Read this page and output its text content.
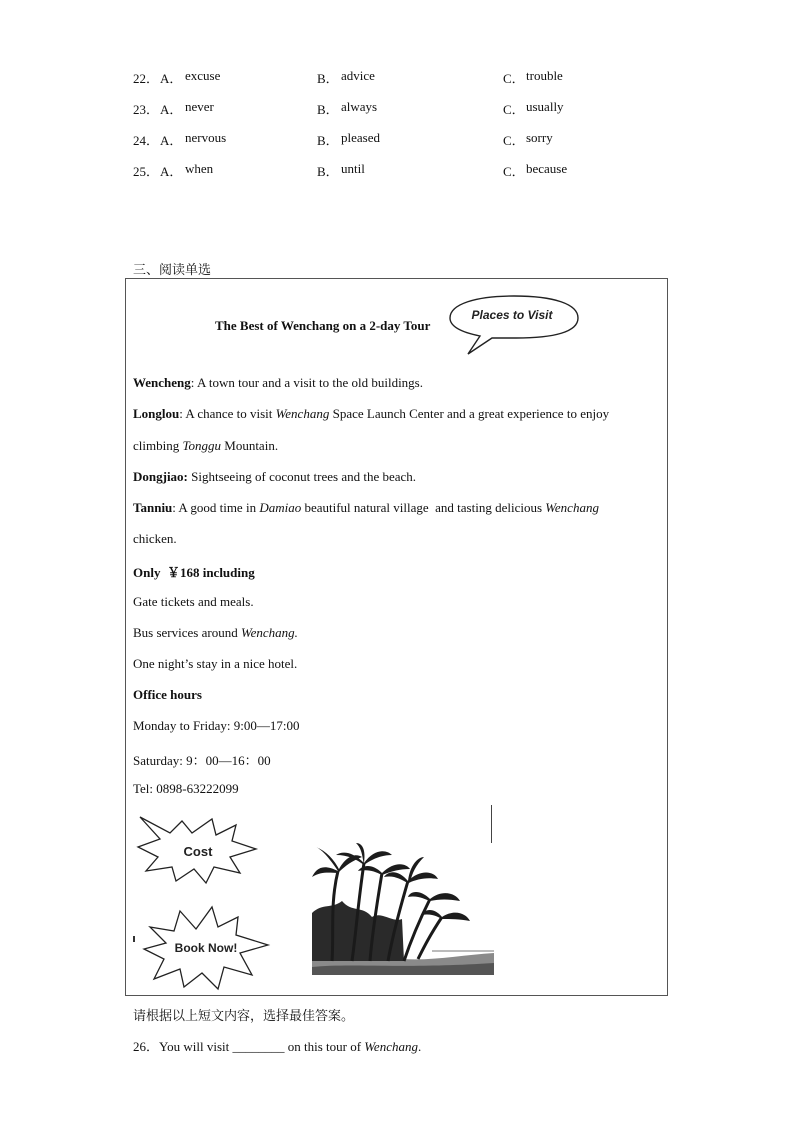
22． A． excuse	B． advice	C． trouble
23． A． never	B． always	C． usually
24． A． nervous	B． pleased	C． sorry
25． A． when	B． until	C． because
三、阅读单选
The Best of Wenchang on a 2-day Tour
Places to Visit
Wencheng: A town tour and a visit to the old buildings.
Longlou: A chance to visit Wenchang Space Launch Center and a great experience to enjoy
climbing Tonggu Mountain.
Dongjiao: Sightseeing of coconut trees and the beach.
Tanniu: A good time in Damiao beautiful natural village  and tasting delicious Wenchang
chicken.
Only  ￥168 including
Gate tickets and meals.
Bus services around Wenchang.
One night’s stay in a nice hotel.
Office hours
Monday to Friday: 9:00—17:00
Saturday: 9：00—16：00
Tel: 0898-63222099
Cost
Book Now!
请根据以上短文内容，选择最佳答案。
26．You will visit ________ on this tour of Wenchang.
